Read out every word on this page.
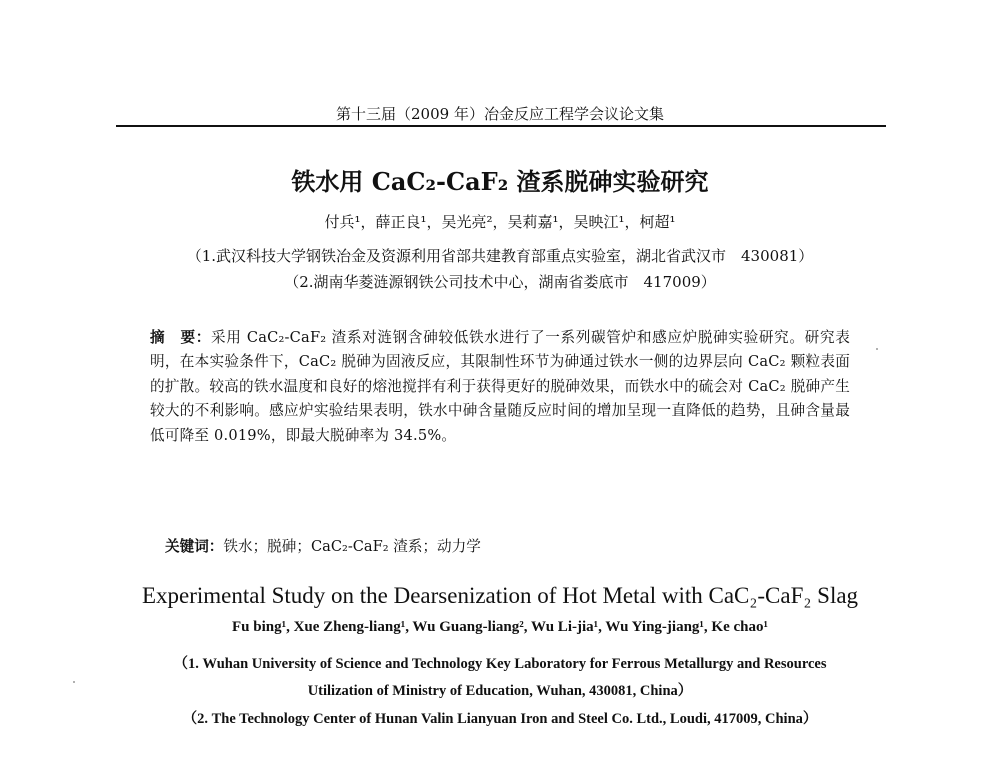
第十三届（2009 年）冶金反应工程学会议论文集
铁水用 CaC₂-CaF₂ 渣系脱砷实验研究
付兵¹，薛正良¹，吴光亮²，吴莉嘉¹，吴映江¹，柯超¹
（1.武汉科技大学钢铁冶金及资源利用省部共建教育部重点实验室，湖北省武汉市　430081）
（2.湖南华菱涟源钢铁公司技术中心，湖南省娄底市　417009）
摘　要：采用 CaC₂-CaF₂ 渣系对涟钢含砷较低铁水进行了一系列碳管炉和感应炉脱砷实验研究。研究表明，在本实验条件下，CaC₂ 脱砷为固液反应，其限制性环节为砷通过铁水一侧的边界层向 CaC₂ 颗粒表面的扩散。较高的铁水温度和良好的熔池搅拌有利于获得更好的脱砷效果，而铁水中的硫会对 CaC₂ 脱砷产生较大的不利影响。感应炉实验结果表明，铁水中砷含量随反应时间的增加呈现一直降低的趋势，且砷含量最低可降至 0.019%，即最大脱砷率为 34.5%。
关键词：铁水；脱砷；CaC₂-CaF₂ 渣系；动力学
Experimental Study on the Dearsenization of Hot Metal with CaC₂-CaF₂ Slag
Fu bing¹, Xue Zheng-liang¹, Wu Guang-liang², Wu Li-jia¹, Wu Ying-jiang¹, Ke chao¹
（1. Wuhan University of Science and Technology Key Laboratory for Ferrous Metallurgy and Resources
Utilization of Ministry of Education, Wuhan, 430081, China）
（2. The Technology Center of Hunan Valin Lianyuan Iron and Steel Co. Ltd., Loudi, 417009, China）
